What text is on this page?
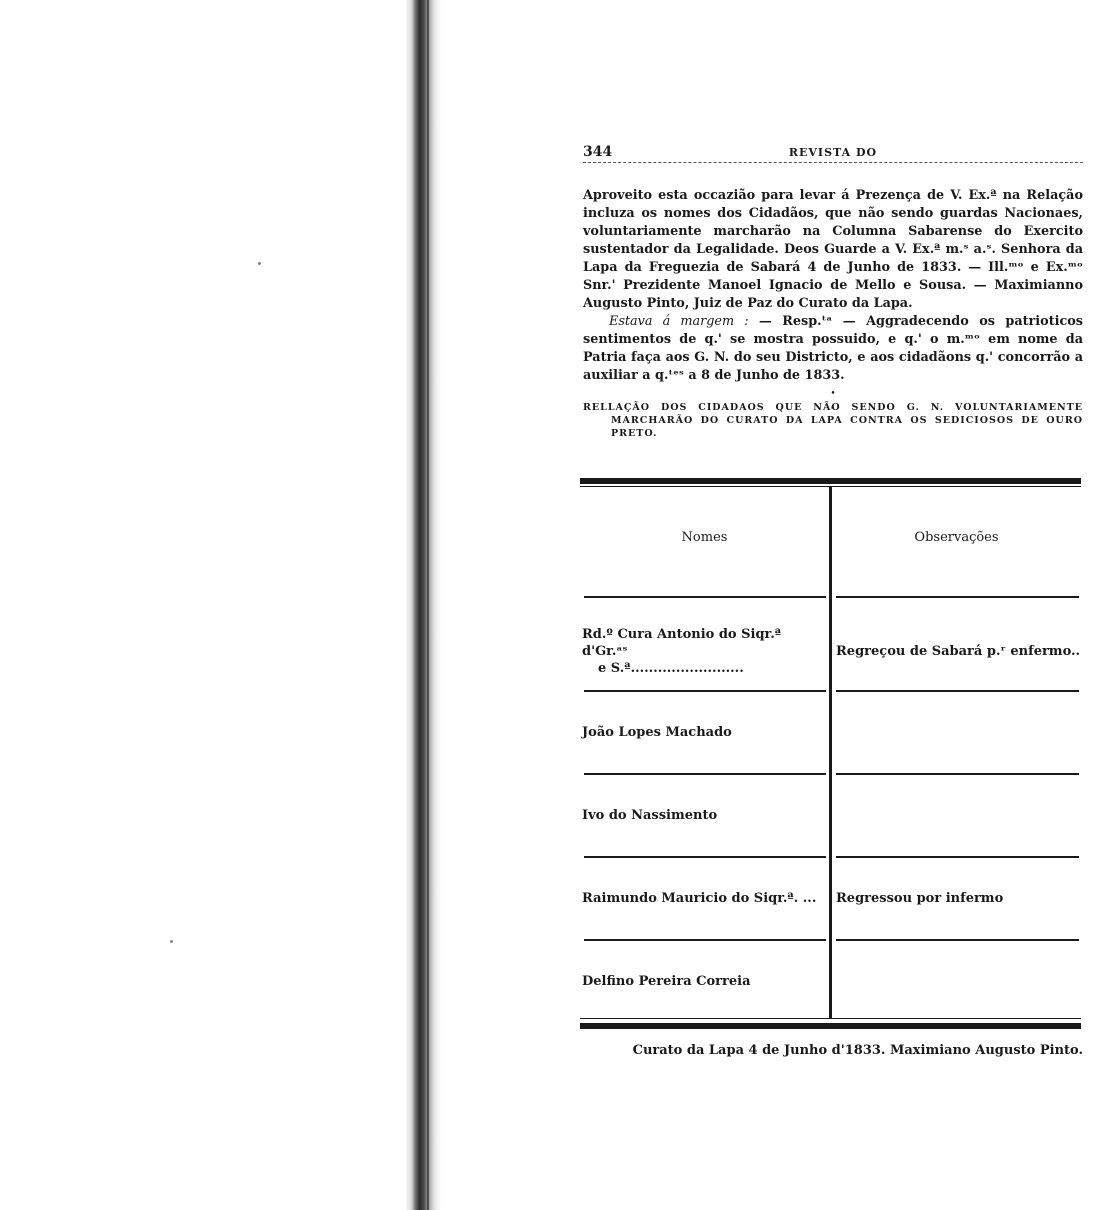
344	REVISTA DO

Aproveito esta occazião para levar á Prezença de V. Ex.ª na Relação incluza os nomes dos Cidadãos, que não sendo guardas Nacionaes, voluntariamente marcharão na Columna Sabarense do Exercito sustentador da Legalidade. Deos Guarde a V. Ex.ª m.ˢ a.ˢ. Senhora da Lapa da Freguezia de Sabará 4 de Junho de 1833. — Ill.ᵐᵒ e Ex.ᵐᵒ Snr.' Prezidente Manoel Ignacio de Mello e Sousa. — Maximianno Augusto Pinto, Juiz de Paz do Curato da Lapa.

Estava á margem : — Resp.ᵗᵃ — Aggradecendo os patrioticos sentimentos de q.' se mostra possuido, e q.' o m.ᵐᵒ em nome da Patria faça aos G. N. do seu Districto, e aos cidadãons q.' concorrão a auxiliar a q.ᵗᵉˢ a 8 de Junho de 1833.

•
RELLAÇÃO DOS CIDADAOS QUE NÃO SENDO G. N. VOLUNTARIAMENTE MARCHARÃO DO CURATO DA LAPA CONTRA OS SEDICIOSOS DE OURO PRETO.
Nomes	Observações
Rd.º Cura Antonio do Siqr.ª d'Gr.ᵃˢ
e S.ª.........................
Regreçou de Sabará p.ʳ enfermo..
João Lopes Machado
Ivo do Nassimento
Raimundo Mauricio do Siqr.ª. ... Regressou por infermo
Delfino Pereira Correia
Curato da Lapa 4 de Junho d'1833. Maximiano Augusto Pinto.
